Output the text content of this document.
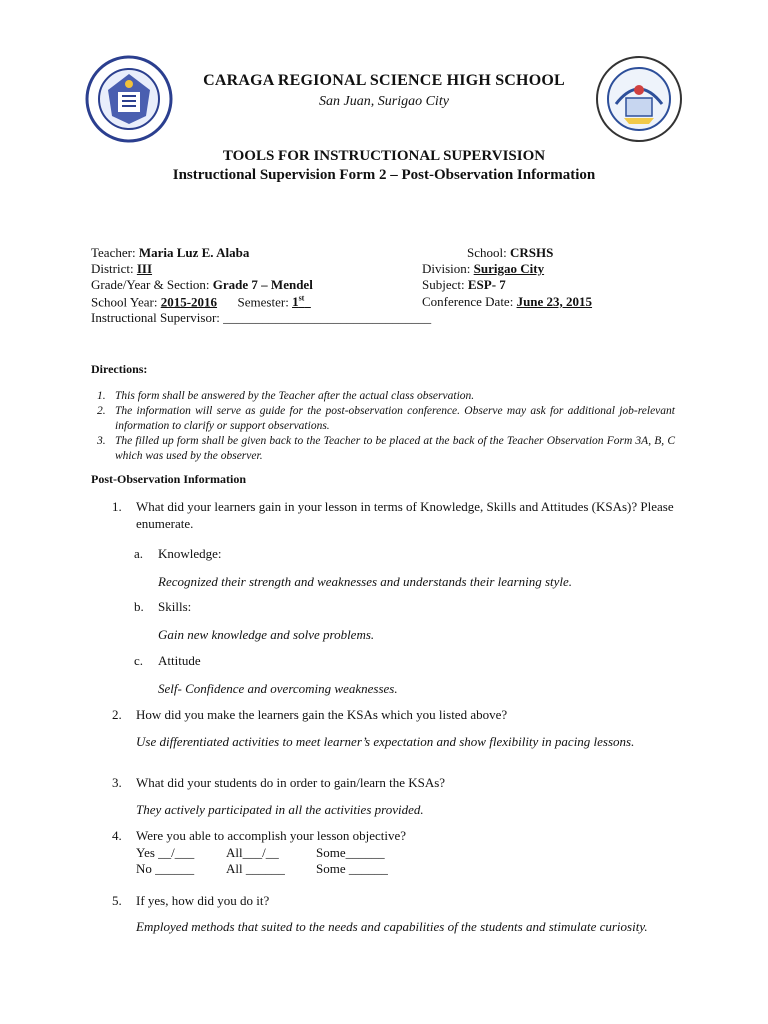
CARAGA REGIONAL SCIENCE HIGH SCHOOL
San Juan, Surigao City
TOOLS FOR INSTRUCTIONAL SUPERVISION
Instructional Supervision Form 2 – Post-Observation Information
Teacher: Maria Luz E. Alaba	School: CRSHS
District: III	Division: Surigao City
Grade/Year & Section: Grade 7 – Mendel	Subject: ESP- 7
School Year: 2015-2016 Semester: 1st	Conference Date: June 23, 2015
Instructional Supervisor: ________________________________
Directions:
1. This form shall be answered by the Teacher after the actual class observation.
2. The information will serve as guide for the post-observation conference. Observe may ask for additional job-relevant information to clarify or support observations.
3. The filled up form shall be given back to the Teacher to be placed at the back of the Teacher Observation Form 3A, B, C which was used by the observer.
Post-Observation Information
1. What did your learners gain in your lesson in terms of Knowledge, Skills and Attitudes (KSAs)? Please enumerate.
a. Knowledge:
Recognized their strength and weaknesses and understands their learning style.
b. Skills:
Gain new knowledge and solve problems.
c. Attitude
Self- Confidence and overcoming weaknesses.
2. How did you make the learners gain the KSAs which you listed above?
Use differentiated activities to meet learner’s expectation and show flexibility in pacing lessons.
3. What did your students do in order to gain/learn the KSAs?
They actively participated in all the activities provided.
4. Were you able to accomplish your lesson objective?
Yes __/___ All___/__	Some______
No ______ All ______ Some ______
5. If yes, how did you do it?
Employed methods that suited to the needs and capabilities of the students and stimulate curiosity.
